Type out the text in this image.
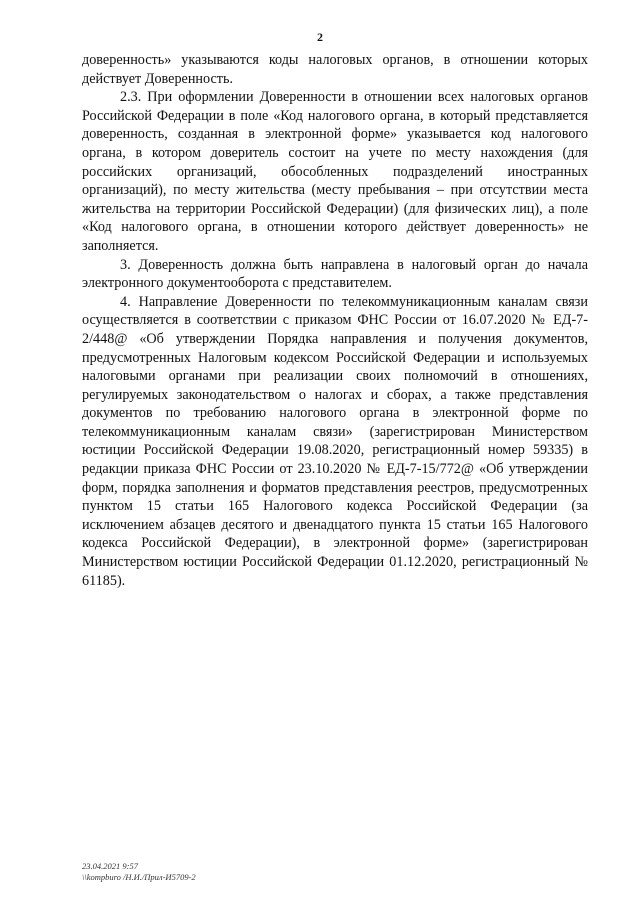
2

доверенность» указываются коды налоговых органов, в отношении которых действует Доверенность.

2.3. При оформлении Доверенности в отношении всех налоговых органов Российской Федерации в поле «Код налогового органа, в который представляется доверенность, созданная в электронной форме» указывается код налогового органа, в котором доверитель состоит на учете по месту нахождения (для российских организаций, обособленных подразделений иностранных организаций), по месту жительства (месту пребывания – при отсутствии места жительства на территории Российской Федерации) (для физических лиц), а поле «Код налогового органа, в отношении которого действует доверенность» не заполняется.

3. Доверенность должна быть направлена в налоговый орган до начала электронного документооборота с представителем.

4. Направление Доверенности по телекоммуникационным каналам связи осуществляется в соответствии с приказом ФНС России от 16.07.2020 № ЕД-7-2/448@ «Об утверждении Порядка направления и получения документов, предусмотренных Налоговым кодексом Российской Федерации и используемых налоговыми органами при реализации своих полномочий в отношениях, регулируемых законодательством о налогах и сборах, а также представления документов по требованию налогового органа в электронной форме по телекоммуникационным каналам связи» (зарегистрирован Министерством юстиции Российской Федерации 19.08.2020, регистрационный номер 59335) в редакции приказа ФНС России от 23.10.2020 № ЕД-7-15/772@ «Об утверждении форм, порядка заполнения и форматов представления реестров, предусмотренных пунктом 15 статьи 165 Налогового кодекса Российской Федерации (за исключением абзацев десятого и двенадцатого пункта 15 статьи 165 Налогового кодекса Российской Федерации), в электронной форме» (зарегистрирован Министерством юстиции Российской Федерации 01.12.2020, регистрационный № 61185).

23.04.2021 9:57
\\kompburo /Н.И./Прил-И5709-2
